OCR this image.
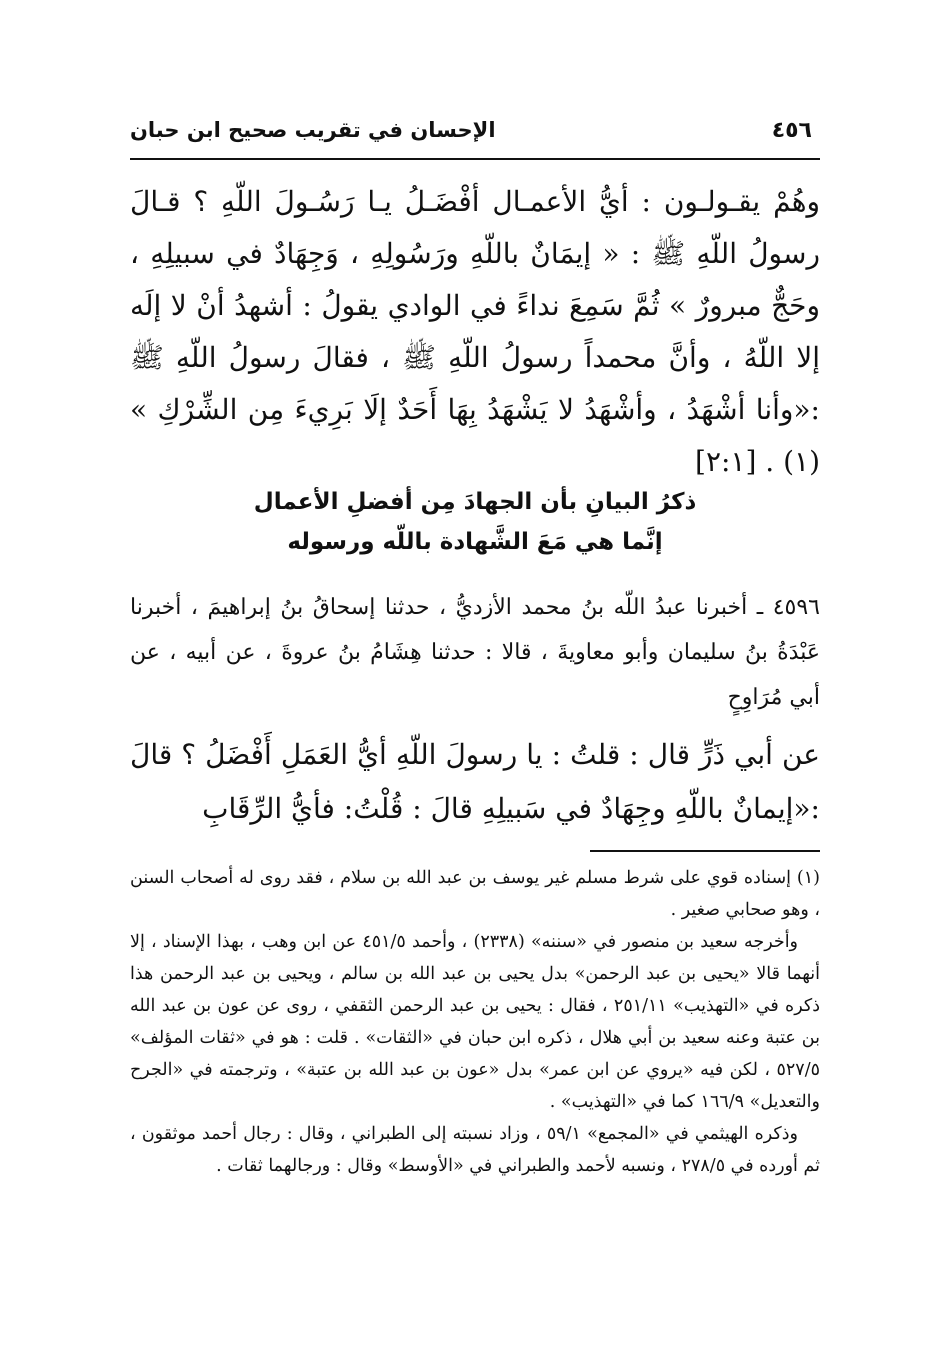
٤٥٦
الإحسان في تقريب صحيح ابن حبان

وهُمْ يقـولـون : أيُّ الأعمـال أفْضَـلُ يـا رَسُـولَ اللّهِ ؟ قـالَ رسولُ اللّهِ ﷺ : « إيمَانٌ باللّهِ ورَسُولِهِ ، وَجِهَادٌ في سبيلِهِ ، وحَجٌّ مبرورٌ » ثُمَّ سَمِعَ نداءً في الوادي يقولُ : أشهدُ أنْ لا إلَه إلا اللّهُ ، وأنَّ محمداً رسولُ اللّهِ ﷺ ، فقالَ رسولُ اللّهِ ﷺ :«وأنا أشْهَدُ ، وأشْهَدُ لا يَشْهَدُ بِهَا أَحَدٌ إلَا بَرِيءَ مِن الشِّرْكِ » (١) . [٢:١]

ذكرُ البيانِ بأن الجهادَ مِن أفضلِ الأعمال
إنَّما هي مَعَ الشَّهادة باللّه ورسوله

٤٥٩٦ ـ أخبرنا عبدُ اللّه بنُ محمد الأزديُّ ، حدثنا إسحاقُ بنُ إبراهيمَ ، أخبرنا عَبْدَةُ بنُ سليمان وأبو معاويةَ ، قالا : حدثنا هِشَامُ بنُ عروةَ ، عن أبيه ، عن أبي مُرَاوِحٍ

عن أبي ذَرٍّ قال : قلتُ : يا رسولَ اللّهِ أيُّ العَمَلِ أَفْضَلُ ؟ قالَ :«إيمانٌ باللّهِ وجِهَادٌ في سَبيلِهِ قالَ : قُلْتُ: فأيُّ الرِّقَابِ

(١) إسناده قوي على شرط مسلم غير يوسف بن عبد الله بن سلام ، فقد روى له أصحاب السنن ، وهو صحابي صغير .

وأخرجه سعيد بن منصور في «سننه» (٢٣٣٨) ، وأحمد ٤٥١/٥ عن ابن وهب ، بهذا الإسناد ، إلا أنهما قالا «يحيى بن عبد الرحمن» بدل يحيى بن عبد الله بن سالم ، ويحيى بن عبد الرحمن هذا ذكره في «التهذيب» ٢٥١/١١ ، فقال : يحيى بن عبد الرحمن الثقفي ، روى عن عون بن عبد الله بن عتبة وعنه سعيد بن أبي هلال ، ذكره ابن حبان في «الثقات» . قلت : هو في «ثقات المؤلف» ٥٢٧/٥ ، لكن فيه «يروي عن ابن عمر» بدل «عون بن عبد الله بن عتبة» ، وترجمته في «الجرح والتعديل» ١٦٦/٩ كما في «التهذيب» .

وذكره الهيثمي في «المجمع» ٥٩/١ ، وزاد نسبته إلى الطبراني ، وقال : رجال أحمد موثقون ، ثم أورده في ٢٧٨/٥ ، ونسبه لأحمد والطبراني في «الأوسط» وقال : ورجالهما ثقات .
